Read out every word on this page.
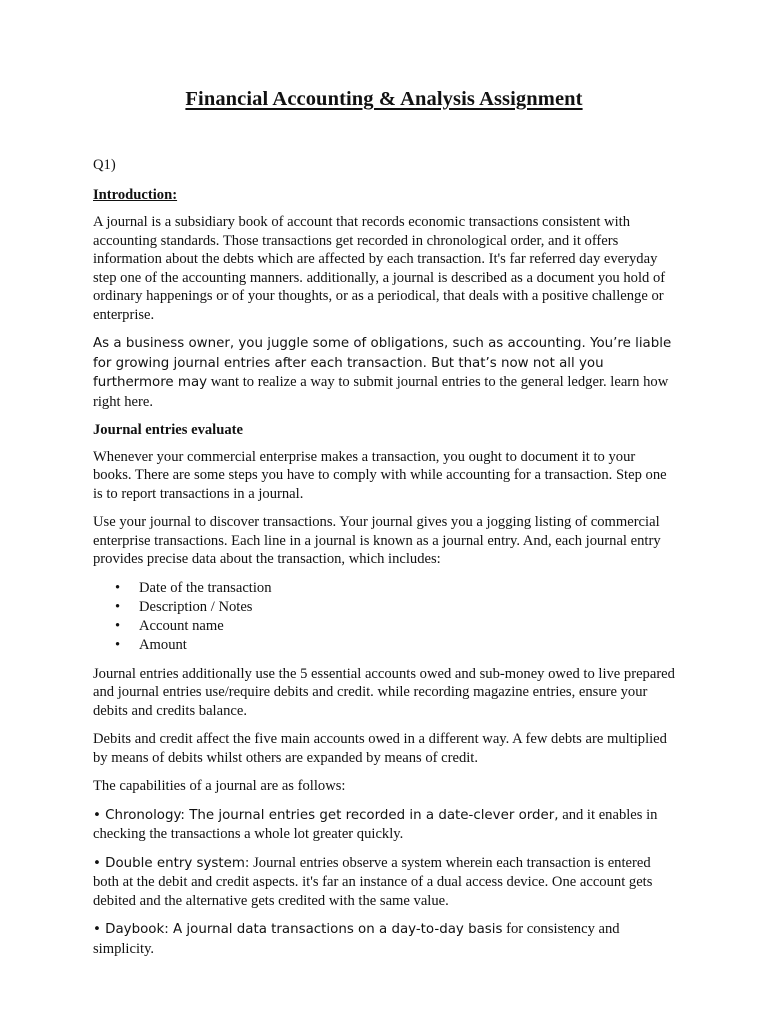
Financial Accounting & Analysis Assignment

Q1)

Introduction:

A journal is a subsidiary book of account that records economic transactions consistent with accounting standards. Those transactions get recorded in chronological order, and it offers information about the debts which are affected by each transaction. It's far referred day everyday step one of the accounting manners. additionally, a journal is described as a document you hold of ordinary happenings or of your thoughts, or as a periodical, that deals with a positive challenge or enterprise.

As a business owner, you juggle some of obligations, such as accounting. You’re liable for growing journal entries after each transaction. But that’s now not all you furthermore may want to realize a way to submit journal entries to the general ledger. learn how right here.

Journal entries evaluate

Whenever your commercial enterprise makes a transaction, you ought to document it to your books. There are some steps you have to comply with while accounting for a transaction. Step one is to report transactions in a journal.

Use your journal to discover transactions. Your journal gives you a jogging listing of commercial enterprise transactions. Each line in a journal is known as a journal entry. And, each journal entry provides precise data about the transaction, which includes:

• Date of the transaction
• Description / Notes
• Account name
• Amount

Journal entries additionally use the 5 essential accounts owed and sub-money owed to live prepared and journal entries use/require debits and credit. while recording magazine entries, ensure your debits and credits balance.

Debits and credit affect the five main accounts owed in a different way. A few debts are multiplied by means of debits whilst others are expanded by means of credit.

The capabilities of a journal are as follows:

• Chronology: The journal entries get recorded in a date-clever order, and it enables in checking the transactions a whole lot greater quickly.

• Double entry system: Journal entries observe a system wherein each transaction is entered both at the debit and credit aspects. it's far an instance of a dual access device. One account gets debited and the alternative gets credited with the same value.

• Daybook: A journal data transactions on a day-to-day basis for consistency and simplicity.
